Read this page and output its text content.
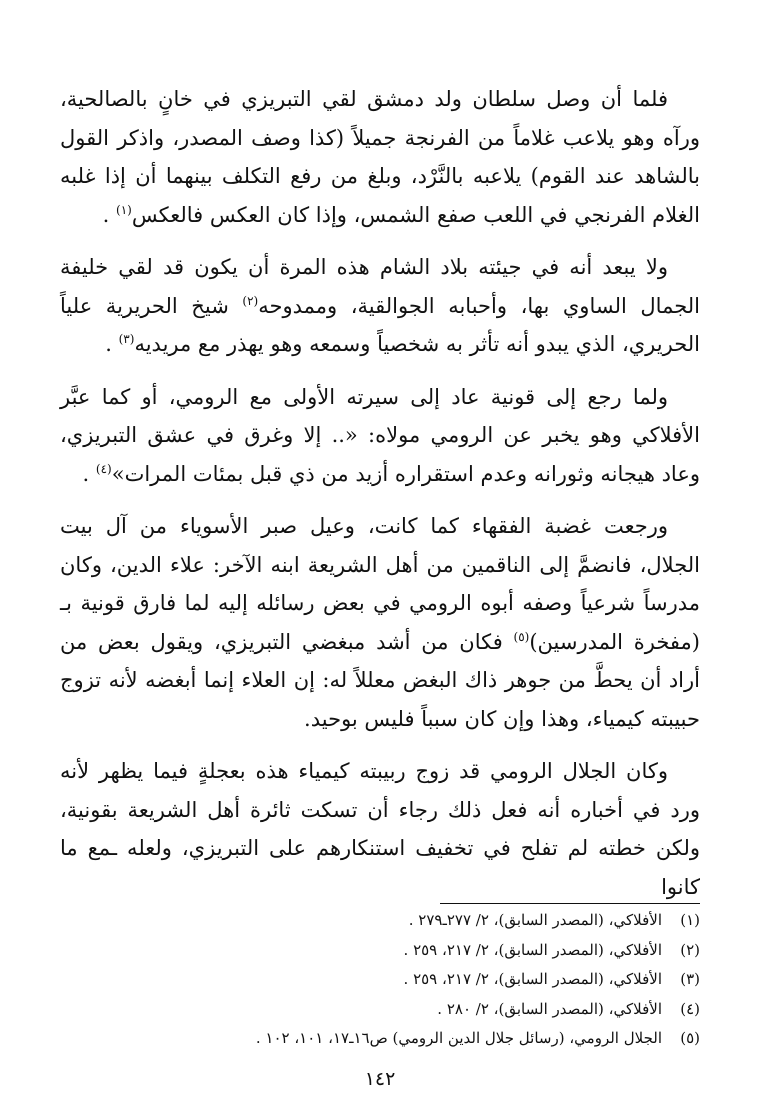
فلما أن وصل سلطان ولد دمشق لقي التبريزي في خانٍ بالصالحية، ورآه وهو يلاعب غلاماً من الفرنجة جميلاً (كذا وصف المصدر، واذكر القول بالشاهد عند القوم) يلاعبه بالنَّرْد، وبلغ من رفع التكلف بينهما أن إذا غلبه الغلام الفرنجي في اللعب صفع الشمس، وإذا كان العكس فالعكس$^{(١)}$ .

ولا يبعد أنه في جيئته بلاد الشام هذه المرة أن يكون قد لقي خليفة الجمال الساوي بها، وأحبابه الجوالقية، وممدوحه$^{(٢)}$ شيخ الحريرية علياً الحريري، الذي يبدو أنه تأثر به شخصياً وسمعه وهو يهذر مع مريديه$^{(٣)}$ .

ولما رجع إلى قونية عاد إلى سيرته الأولى مع الرومي، أو كما عبَّر الأفلاكي وهو يخبر عن الرومي مولاه: «.. إلا وغرق في عشق التبريزي، وعاد هيجانه وثورانه وعدم استقراره أزيد من ذي قبل بمئات المرات»$^{(٤)}$ .

ورجعت غضبة الفقهاء كما كانت، وعيل صبر الأسوياء من آل بيت الجلال، فانضمَّ إلى الناقمين من أهل الشريعة ابنه الآخر: علاء الدين، وكان مدرساً شرعياً وصفه أبوه الرومي في بعض رسائله إليه لما فارق قونية بـ (مفخرة المدرسين)$^{(٥)}$ فكان من أشد مبغضي التبريزي، ويقول بعض من أراد أن يحطَّ من جوهر ذاك البغض معللاً له: إن العلاء إنما أبغضه لأنه تزوج حبيبته كيمياء، وهذا وإن كان سبباً فليس بوحيد.

وكان الجلال الرومي قد زوج ربيبته كيمياء هذه بعجلةٍ فيما يظهر لأنه ورد في أخباره أنه فعل ذلك رجاء أن تسكت ثائرة أهل الشريعة بقونية، ولكن خطته لم تفلح في تخفيف استنكارهم على التبريزي، ولعله ـمع ما كانوا

(١)الأفلاكي، (المصدر السابق)، ٢/ ٢٧٧ـ٢٧٩ .
(٢)الأفلاكي، (المصدر السابق)، ٢/ ٢١٧، ٢٥٩ .
(٣)الأفلاكي، (المصدر السابق)، ٢/ ٢١٧، ٢٥٩ .
(٤)الأفلاكي، (المصدر السابق)، ٢/ ٢٨٠ .
(٥)الجلال الرومي، (رسائل جلال الدين الرومي) ص١٦ـ١٧، ١٠١، ١٠٢ .
١٤٢
